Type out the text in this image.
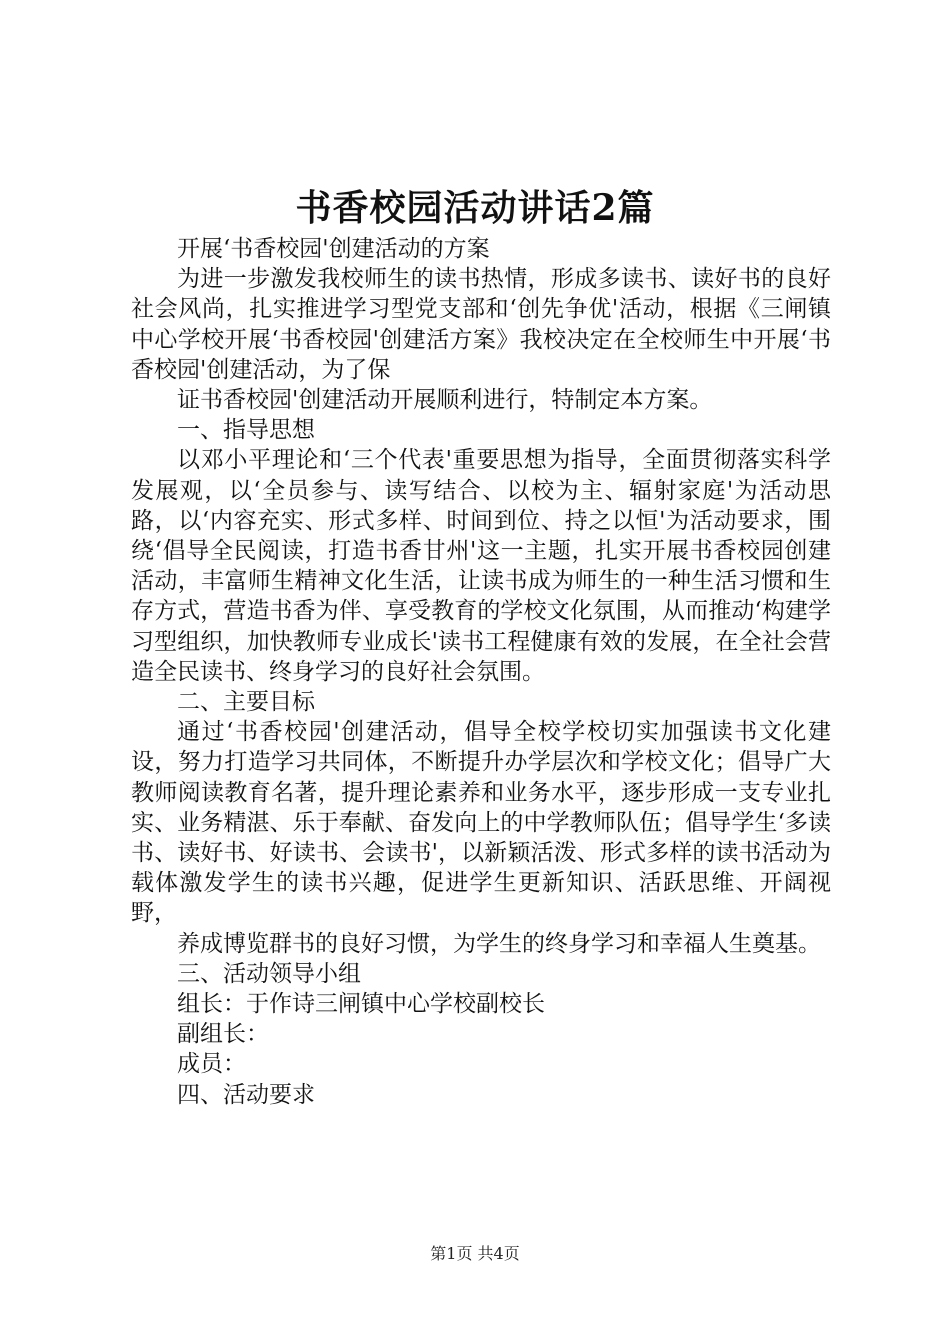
书香校园活动讲话2篇

开展‘书香校园'创建活动的方案

为进一步激发我校师生的读书热情，形成多读书、读好书的良好社会风尚，扎实推进学习型党支部和‘创先争优'活动，根据《三闸镇中心学校开展‘书香校园'创建活方案》我校决定在全校师生中开展‘书香校园'创建活动，为了保

证书香校园'创建活动开展顺利进行，特制定本方案。

一、指导思想

以邓小平理论和‘三个代表'重要思想为指导，全面贯彻落实科学发展观，以‘全员参与、读写结合、以校为主、辐射家庭'为活动思路，以‘内容充实、形式多样、时间到位、持之以恒'为活动要求，围绕‘倡导全民阅读，打造书香甘州'这一主题，扎实开展书香校园创建活动，丰富师生精神文化生活，让读书成为师生的一种生活习惯和生存方式，营造书香为伴、享受教育的学校文化氛围，从而推动‘构建学习型组织，加快教师专业成长'读书工程健康有效的发展，在全社会营造全民读书、终身学习的良好社会氛围。

二、主要目标

通过‘书香校园'创建活动，倡导全校学校切实加强读书文化建设，努力打造学习共同体，不断提升办学层次和学校文化；倡导广大教师阅读教育名著，提升理论素养和业务水平，逐步形成一支专业扎实、业务精湛、乐于奉献、奋发向上的中学教师队伍；倡导学生‘多读书、读好书、好读书、会读书'，以新颖活泼、形式多样的读书活动为载体激发学生的读书兴趣，促进学生更新知识、活跃思维、开阔视野，

养成博览群书的良好习惯，为学生的终身学习和幸福人生奠基。

三、活动领导小组

组长：于作诗三闸镇中心学校副校长

副组长：

成员：

四、活动要求

第1页 共4页
